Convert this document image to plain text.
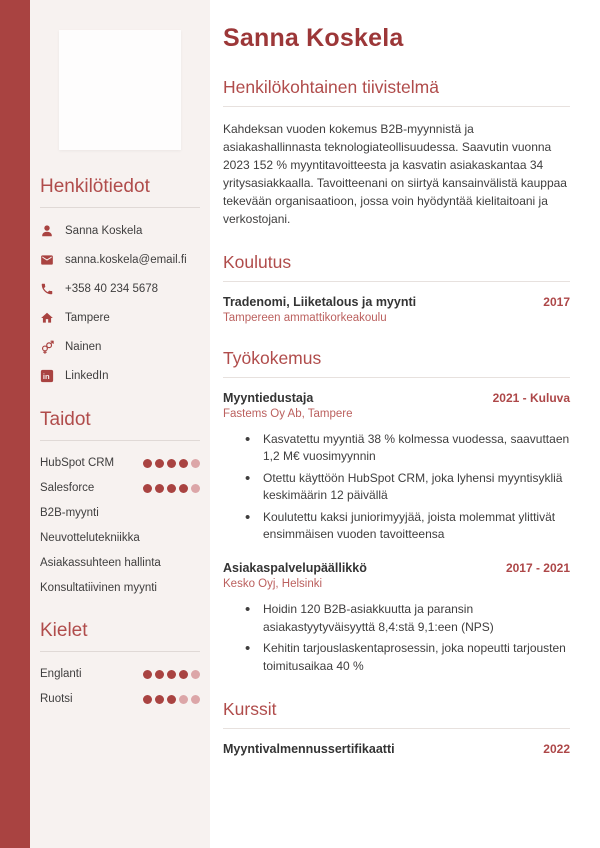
Henkilötiedot
Sanna Koskela
sanna.koskela@email.fi
+358 40 234 5678
Tampere
Nainen
in LinkedIn
Taidot
HubSpot CRM
Salesforce
B2B-myynti
Neuvottelutekniikka
Asiakassuhteen hallinta
Konsultatiivinen myynti
Kielet
Englanti
Ruotsi
Sanna Koskela
Henkilökohtainen tiivistelmä

Kahdeksan vuoden kokemus B2B-myynnistä ja asiakashallinnasta teknologiateollisuudessa. Saavutin vuonna 2023 152 % myyntitavoitteesta ja kasvatin asiakaskantaa 34 yritysasiakkaalla. Tavoitteenani on siirtyä kansainvälistä kauppaa tekevään organisaatioon, jossa voin hyödyntää kielitaitoani ja verkostojani.

Koulutus
Tradenomi, Liiketalous ja myynti	2017
Tampereen ammattikorkeakoulu
Työkokemus
Myyntiedustaja	2021 - Kuluva
Fastems Oy Ab, Tampere
• Kasvatettu myyntiä 38 % kolmessa vuodessa, saavuttaen 1,2 M€ vuosimyynnin
• Otettu käyttöön HubSpot CRM, joka lyhensi myyntisykliä keskimäärin 12 päivällä
• Koulutettu kaksi juniorimyyjää, joista molemmat ylittivät ensimmäisen vuoden tavoitteensa
Asiakaspalvelupäällikkö	2017 - 2021
Kesko Oyj, Helsinki
• Hoidin 120 B2B-asiakkuutta ja paransin asiakastyytyväisyyttä 8,4:stä 9,1:een (NPS)
• Kehitin tarjouslaskentaprosessin, joka nopeutti tarjousten toimitusaikaa 40 %
Kurssit
Myyntivalmennussertifikaatti	2022
